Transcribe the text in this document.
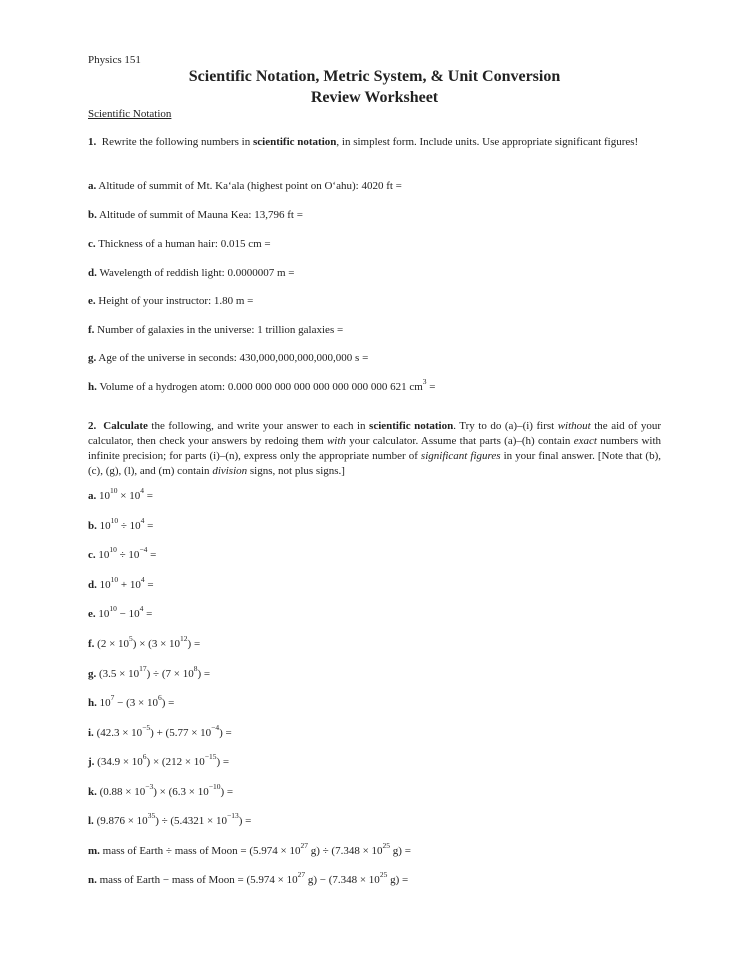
Physics 151
Scientific Notation, Metric System, & Unit Conversion
Review Worksheet
Scientific Notation
1. Rewrite the following numbers in scientific notation, in simplest form. Include units. Use appropriate significant figures!
a. Altitude of summit of Mt. Ka‘ala (highest point on O‘ahu): 4020 ft =
b. Altitude of summit of Mauna Kea: 13,796 ft =
c. Thickness of a human hair: 0.015 cm =
d. Wavelength of reddish light: 0.0000007 m =
e. Height of your instructor: 1.80 m =
f. Number of galaxies in the universe: 1 trillion galaxies =
g. Age of the universe in seconds: 430,000,000,000,000,000 s =
h. Volume of a hydrogen atom: 0.000 000 000 000 000 000 000 000 621 $cm^3$ =
2. Calculate the following, and write your answer to each in scientific notation. Try to do (a)–(i) first without the aid of your calculator, then check your answers by redoing them with your calculator. Assume that parts (a)–(h) contain exact numbers with infinite precision; for parts (i)–(n), express only the appropriate number of significant figures in your final answer. [Note that (b), (c), (g), (l), and (m) contain division signs, not plus signs.]
a. $10^{10} \times 10^4$ =
b. $10^{10} \div 10^4$ =
c. $10^{10} \div 10^{-4}$ =
d. $10^{10} + 10^4$ =
e. $10^{10} - 10^4$ =
f. $(2 \times 10^5) \times (3 \times 10^{12})$ =
g. $(3.5 \times 10^{17}) \div (7 \times 10^8)$ =
h. $10^7 - (3 \times 10^6)$ =
i. $(42.3 \times 10^{-5}) + (5.77 \times 10^{-4})$ =
j. $(34.9 \times 10^6) \times (212 \times 10^{-15})$ =
k. $(0.88 \times 10^{-3}) \times (6.3 \times 10^{-10})$ =
l. $(9.876 \times 10^{35}) \div (5.4321 \times 10^{-13})$ =
m. mass of Earth ÷ mass of Moon = ($5.974 \times 10^{27}$ $g) \div (7.348 \times 10^{25}$ g) =
n. mass of Earth − mass of Moon = ($5.974 \times 10^{27}$ $g) - (7.348 \times 10^{25}$ g) =
